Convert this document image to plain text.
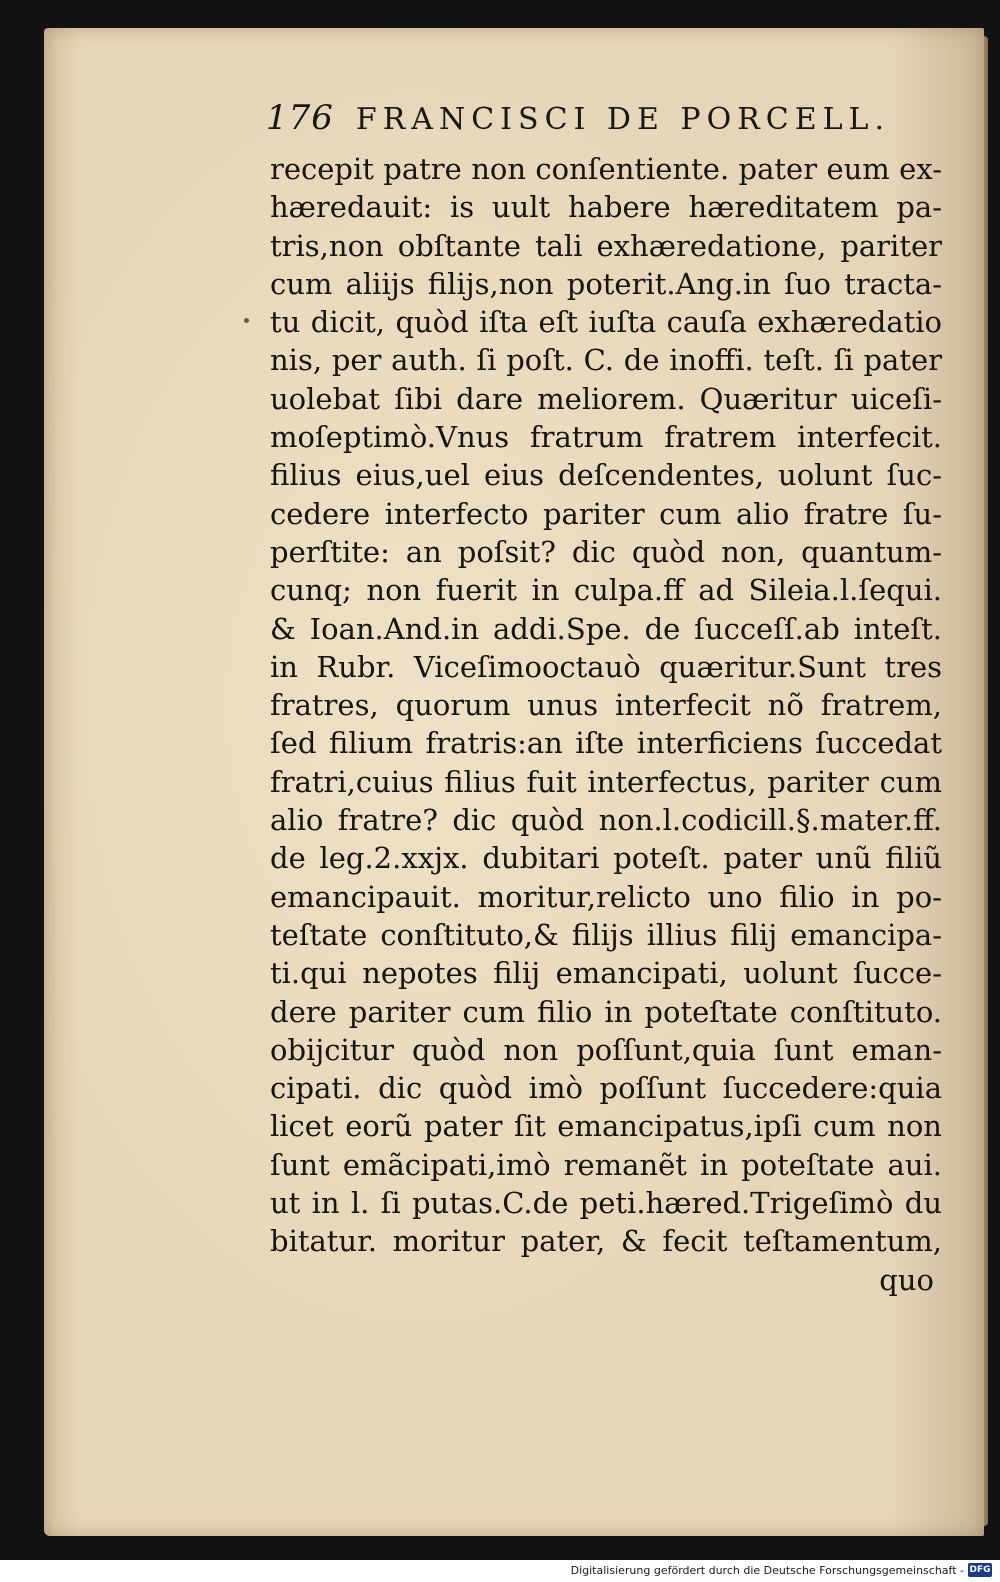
176 FRANCISCI DE PORCELL.
recepit patre non conſentiente. pater eum ex-
hæredauit: is uult habere hæreditatem pa-
tris,non obſtante tali exhæredatione, pariter
cum aliijs filijs,non poterit.Ang.in ſuo tracta-
tu dicit, quòd iſta eſt iuſta cauſa exhæredatio
nis, per auth. ſi poſt. C. de inoffi. teſt. ſi pater
uolebat ſibi dare meliorem. Quæritur uiceſi-
moſeptimò.Vnus fratrum fratrem interfecit.
filius eius,uel eius deſcendentes, uolunt ſuc-
cedere interfecto pariter cum alio fratre ſu-
perſtite: an poſsit? dic quòd non, quantum-
cunq; non fuerit in culpa.ff ad Sileia.l.ſequi.
& Ioan.And.in addi.Spe. de ſucceſſ.ab inteſt.
in Rubr. Viceſimooctauò quæritur.Sunt tres
fratres, quorum unus interfecit nõ fratrem,
ſed filium fratris:an iſte interficiens ſuccedat
fratri,cuius filius fuit interfectus, pariter cum
alio fratre? dic quòd non.l.codicill.§.mater.ff.
de leg.2.xxjx. dubitari poteſt. pater unũ filiũ
emancipauit. moritur,relicto uno filio in po-
teſtate conſtituto,& filijs illius filij emancipa-
ti.qui nepotes filij emancipati, uolunt ſucce-
dere pariter cum filio in poteſtate conſtituto.
obijcitur quòd non poſſunt,quia ſunt eman-
cipati. dic quòd imò poſſunt ſuccedere:quia
licet eorũ pater ſit emancipatus,ipſi cum non
ſunt emãcipati,imò remanẽt in poteſtate aui.
ut in l. ſi putas.C.de peti.hæred.Trigeſimò du
bitatur. moritur pater, & fecit teſtamentum,
quo
Digitalisierung gefördert durch die Deutsche Forschungsgemeinschaft - DFG
